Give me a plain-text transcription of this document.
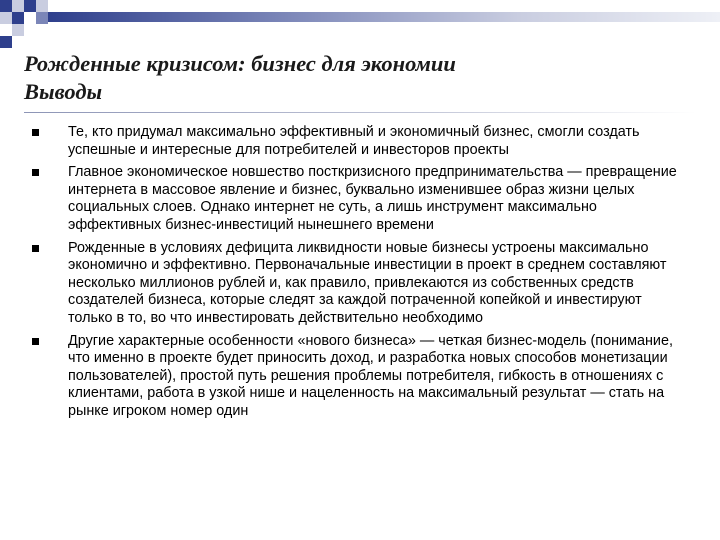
Рожденные кризисом: бизнес для экономии
Выводы
Те, кто придумал максимально эффективный и экономичный бизнес, смогли создать успешные и интересные для потребителей и инвесторов проекты
Главное экономическое новшество посткризисного предпринимательства — превращение интернета в массовое явление и бизнес, буквально изменившее образ жизни целых социальных слоев. Однако интернет не суть, а лишь инструмент максимально эффективных бизнес-инвестиций нынешнего времени
Рожденные в условиях дефицита ликвидности новые бизнесы устроены максимально экономично и эффективно. Первоначальные инвестиции в проект в среднем составляют несколько миллионов рублей и, как правило, привлекаются из собственных средств создателей бизнеса, которые следят за каждой потраченной копейкой и инвестируют только в то, во что инвестировать действительно необходимо
Другие характерные особенности «нового бизнеса» — четкая бизнес-модель (понимание, что именно в проекте будет приносить доход, и разработка новых способов монетизации пользователей), простой путь решения проблемы потребителя, гибкость в отношениях с клиентами, работа в узкой нише и нацеленность на максимальный результат — стать на рынке игроком номер один
